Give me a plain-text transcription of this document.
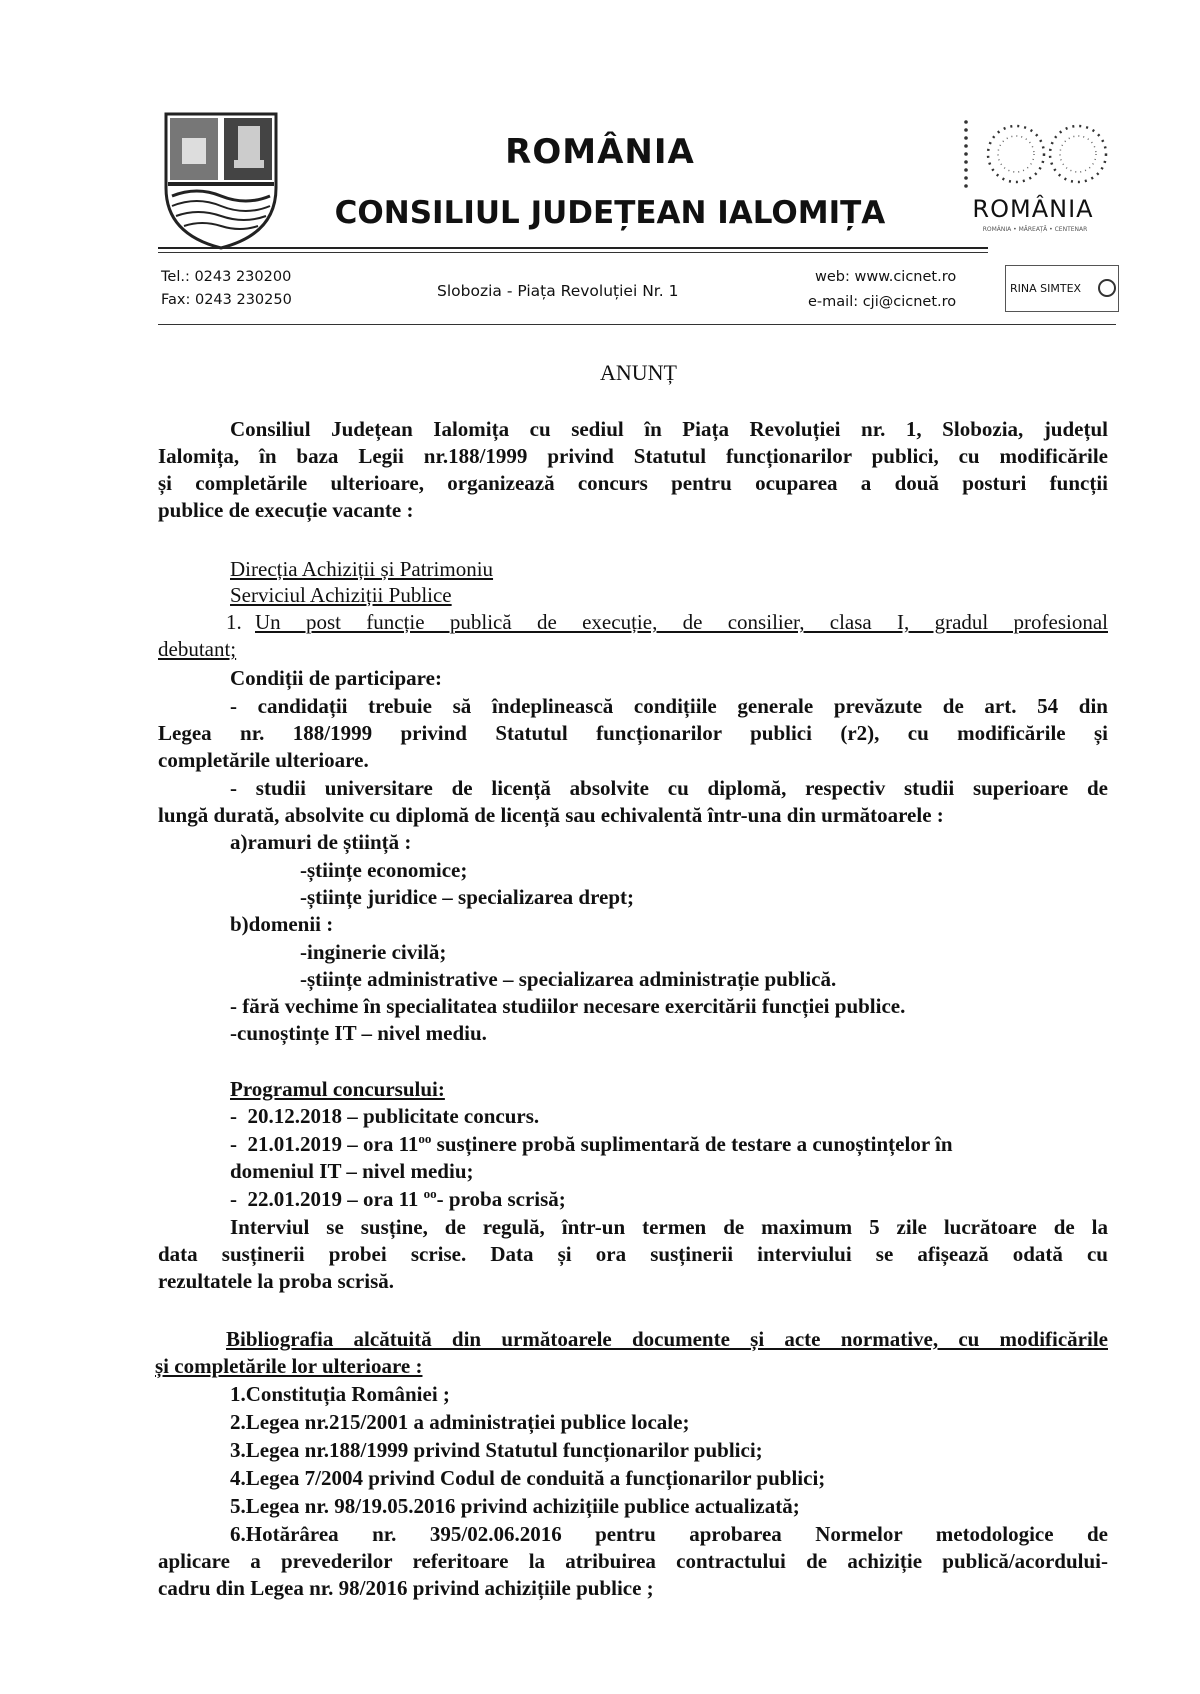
ROMÂNIA
CONSILIUL JUDEȚEAN IALOMIȚA	ROMÂNIA
ROMÂNIA • MĂREAȚĂ • CENTENAR
Tel.: 0243 230200
Fax: 0243 230250	Slobozia - Piața Revoluției Nr. 1
web: www.cicnet.ro
e-mail: cji@cicnet.ro
RINA SIMTEX
ANUNȚ
Consiliul Județean Ialomița cu sediul în Piața Revoluției nr. 1, Slobozia, județul
Ialomița, în baza Legii nr.188/1999 privind Statutul funcționarilor publici, cu modificările
și completările ulterioare, organizează concurs pentru ocuparea a două posturi funcții
publice de execuție vacante :
Direcția Achiziții și Patrimoniu
Serviciul Achiziții Publice
1. Un post funcție publică de execuție, de consilier, clasa I, gradul profesional
debutant;
Condiții de participare:
- candidații trebuie să îndeplinească condițiile generale prevăzute de art. 54 din
Legea nr. 188/1999 privind Statutul funcționarilor publici (r2), cu modificările și
completările ulterioare.
- studii universitare de licență absolvite cu diplomă, respectiv studii superioare de
lungă durată, absolvite cu diplomă de licență sau echivalentă într-una din următoarele :
a)ramuri de știință :
-științe economice;
-științe juridice – specializarea drept;
b)domenii :
-inginerie civilă;
-științe administrative – specializarea administrație publică.
- fără vechime în specialitatea studiilor necesare exercitării funcției publice.
-cunoștințe IT – nivel mediu.
Programul concursului:
-  20.12.2018 – publicitate concurs.
-  21.01.2019 – ora $11^{oo}$ susținere probă suplimentară de testare a cunoștințelor în
domeniul IT – nivel mediu;
-  22.01.2019 – ora 11 $^{oo}$- proba scrisă;
Interviul se susține, de regulă, într-un termen de maximum 5 zile lucrătoare de la
data susținerii probei scrise. Data și ora susținerii interviului se afișează odată cu
rezultatele la proba scrisă.
Bibliografia alcătuită din următoarele documente și acte normative, cu modificările
și completările lor ulterioare :
1.Constituția României ;
2.Legea nr.215/2001 a administrației publice locale;
3.Legea nr.188/1999 privind Statutul funcționarilor publici;
4.Legea 7/2004 privind Codul de conduită a funcționarilor publici;
5.Legea nr. 98/19.05.2016 privind achizițiile publice actualizată;
6.Hotărârea nr. 395/02.06.2016 pentru aprobarea Normelor metodologice de
aplicare a prevederilor referitoare la atribuirea contractului de achiziție publică/acordului-
cadru din Legea nr. 98/2016 privind achizițiile publice ;
